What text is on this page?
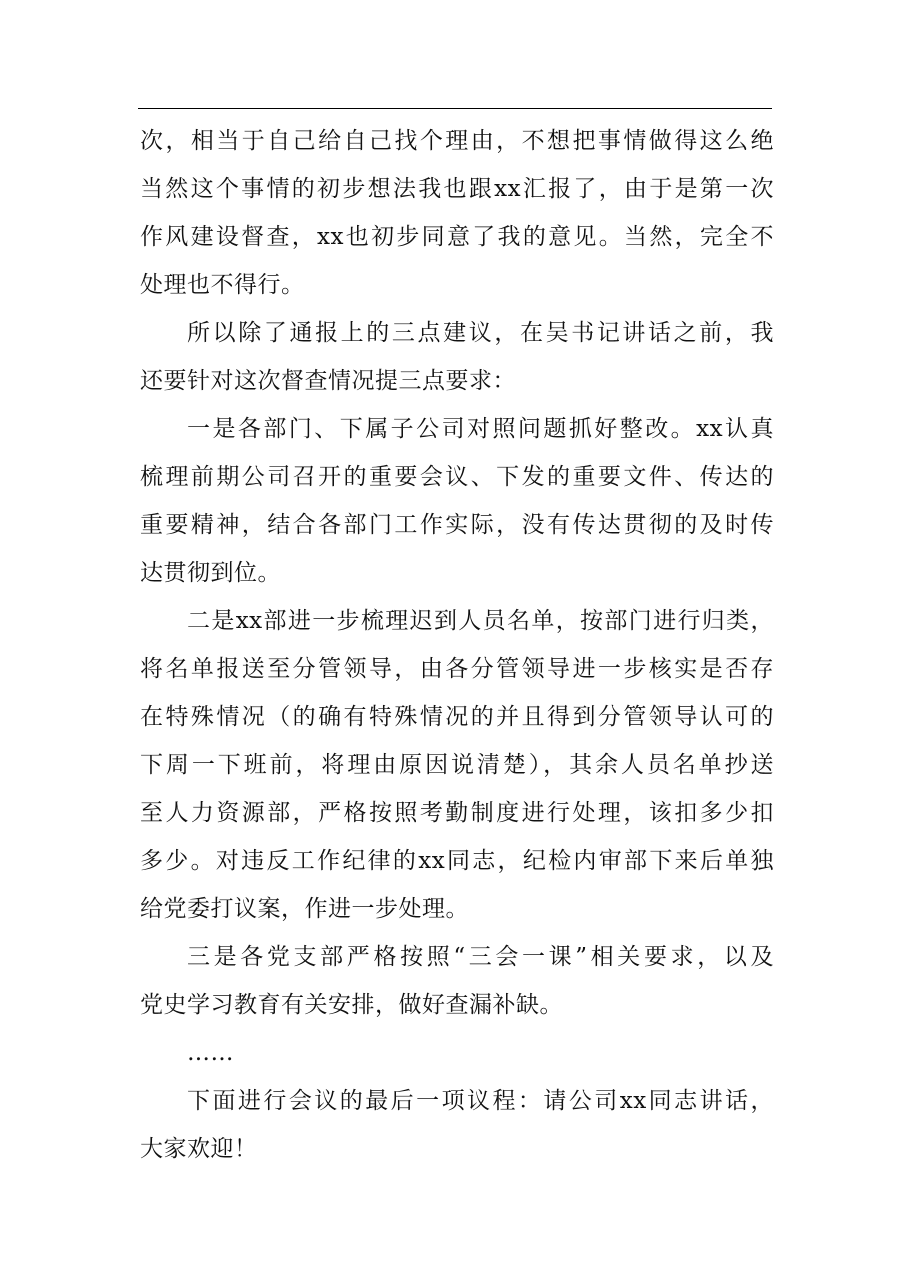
次，相当于自己给自己找个理由，不想把事情做得这么绝
当然这个事情的初步想法我也跟xx汇报了，由于是第一次
作风建设督查，xx也初步同意了我的意见。当然，完全不
处理也不得行。
所以除了通报上的三点建议，在吴书记讲话之前，我
还要针对这次督查情况提三点要求：
一是各部门、下属子公司对照问题抓好整改。xx认真
梳理前期公司召开的重要会议、下发的重要文件、传达的
重要精神，结合各部门工作实际，没有传达贯彻的及时传
达贯彻到位。
二是xx部进一步梳理迟到人员名单，按部门进行归类，
将名单报送至分管领导，由各分管领导进一步核实是否存
在特殊情况（的确有特殊情况的并且得到分管领导认可的
下周一下班前，将理由原因说清楚），其余人员名单抄送
至人力资源部，严格按照考勤制度进行处理，该扣多少扣
多少。对违反工作纪律的xx同志，纪检内审部下来后单独
给党委打议案，作进一步处理。
三是各党支部严格按照“三会一课”相关要求，以及
党史学习教育有关安排，做好查漏补缺。
……
下面进行会议的最后一项议程：请公司xx同志讲话，
大家欢迎！
